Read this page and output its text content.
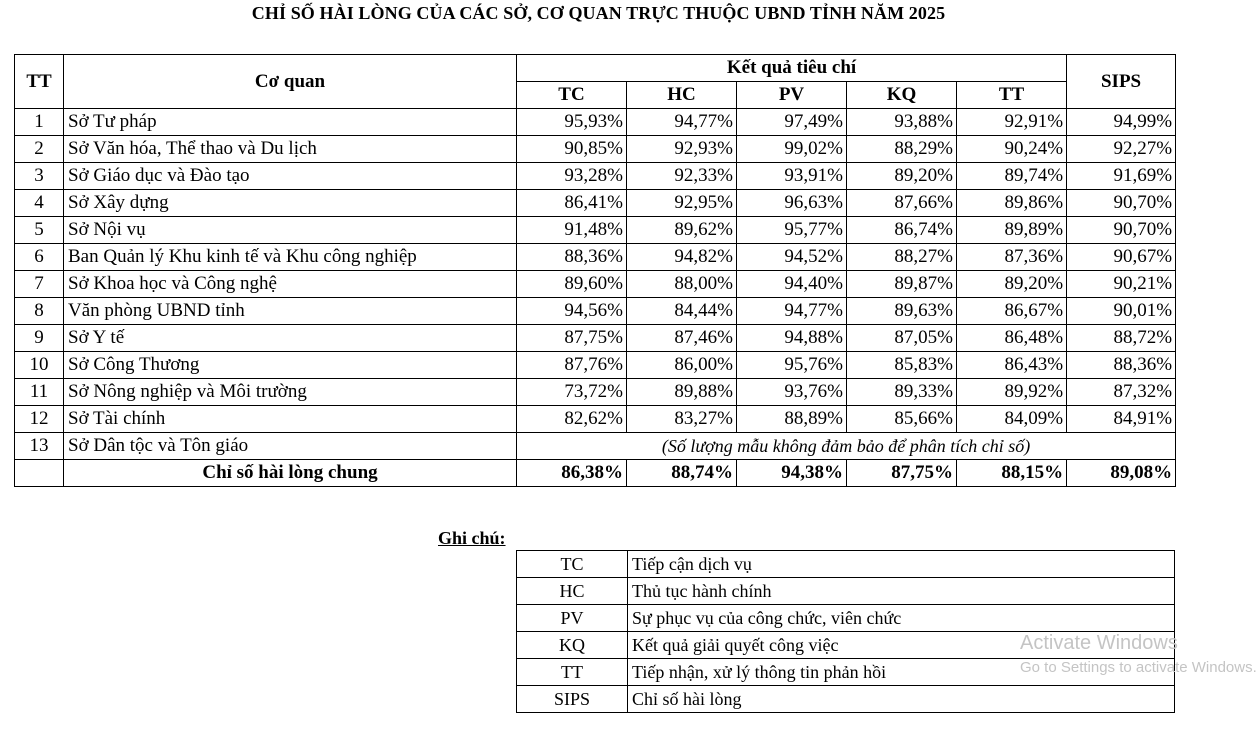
CHỈ SỐ HÀI LÒNG CỦA CÁC SỞ, CƠ QUAN TRỰC THUỘC UBND TỈNH NĂM 2025
TT	Cơ quan	Kết quả tiêu chí					SIPS
		TC	HC	PV	KQ	TT	
1	Sở Tư pháp	95,93%	94,77%	97,49%	93,88%	92,91%	94,99%
2	Sở Văn hóa, Thể thao và Du lịch	90,85%	92,93%	99,02%	88,29%	90,24%	92,27%
3	Sở Giáo dục và Đào tạo	93,28%	92,33%	93,91%	89,20%	89,74%	91,69%
4	Sở Xây dựng	86,41%	92,95%	96,63%	87,66%	89,86%	90,70%
5	Sở Nội vụ	91,48%	89,62%	95,77%	86,74%	89,89%	90,70%
6	Ban Quản lý Khu kinh tế và Khu công nghiệp	88,36%	94,82%	94,52%	88,27%	87,36%	90,67%
7	Sở Khoa học và Công nghệ	89,60%	88,00%	94,40%	89,87%	89,20%	90,21%
8	Văn phòng UBND tỉnh	94,56%	84,44%	94,77%	89,63%	86,67%	90,01%
9	Sở Y tế	87,75%	87,46%	94,88%	87,05%	86,48%	88,72%
10	Sở Công Thương	87,76%	86,00%	95,76%	85,83%	86,43%	88,36%
11	Sở Nông nghiệp và Môi trường	73,72%	89,88%	93,76%	89,33%	89,92%	87,32%
12	Sở Tài chính	82,62%	83,27%	88,89%	85,66%	84,09%	84,91%
13	Sở Dân tộc và Tôn giáo	(Số lượng mẫu không đảm bảo để phân tích chỉ số)					
	Chỉ số hài lòng chung	86,38%	88,74%	94,38%	87,75%	88,15%	89,08%
Ghi chú:
TC	Tiếp cận dịch vụ
HC	Thủ tục hành chính
PV	Sự phục vụ của công chức, viên chức
KQ	Kết quả giải quyết công việc
TT	Tiếp nhận, xử lý thông tin phản hồi
SIPS	Chỉ số hài lòng
Activate Windows
Go to Settings to activate Windows.
